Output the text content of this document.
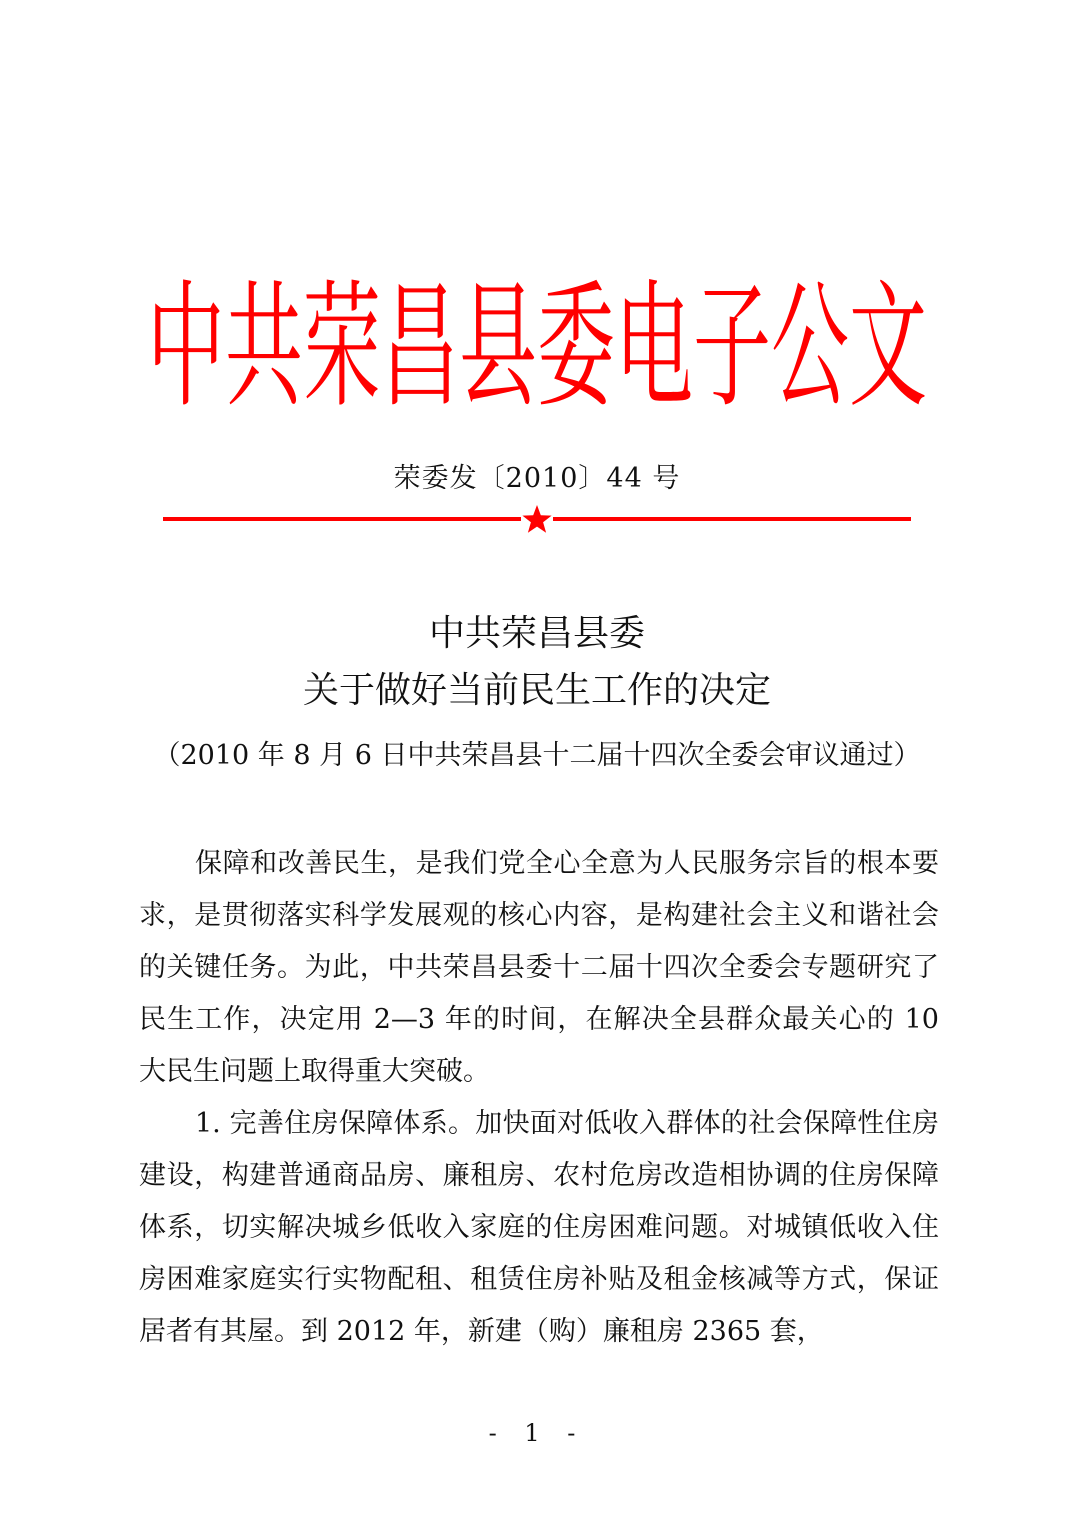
中共荣昌县委电子公文
荣委发〔2010〕44 号
中共荣昌县委
关于做好当前民生工作的决定
（2010 年 8 月 6 日中共荣昌县十二届十四次全委会审议通过）

保障和改善民生，是我们党全心全意为人民服务宗旨的根本要求，是贯彻落实科学发展观的核心内容，是构建社会主义和谐社会的关键任务。为此，中共荣昌县委十二届十四次全委会专题研究了民生工作，决定用 2—3 年的时间，在解决全县群众最关心的 10 大民生问题上取得重大突破。

1. 完善住房保障体系。加快面对低收入群体的社会保障性住房建设，构建普通商品房、廉租房、农村危房改造相协调的住房保障体系，切实解决城乡低收入家庭的住房困难问题。对城镇低收入住房困难家庭实行实物配租、租赁住房补贴及租金核减等方式，保证居者有其屋。到 2012 年，新建（购）廉租房 2365 套，

- 1 -
